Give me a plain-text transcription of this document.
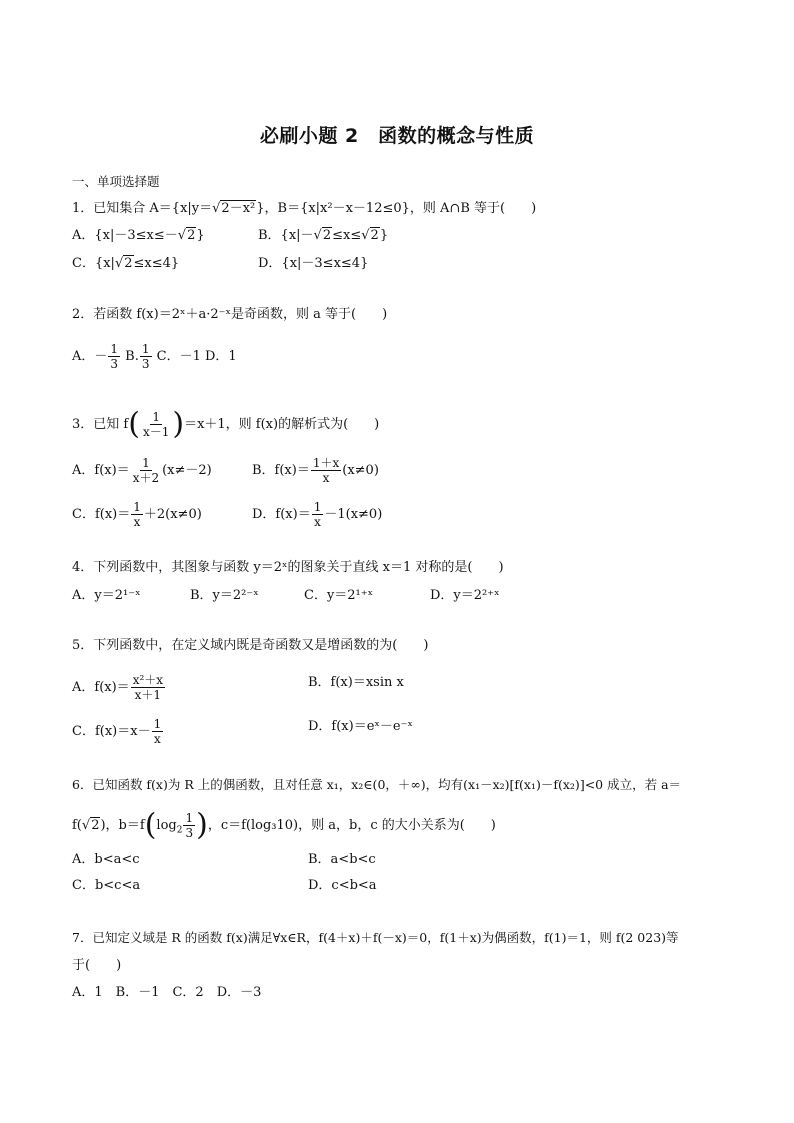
必刷小题 2　函数的概念与性质
一、单项选择题
1．已知集合 A＝{x|y＝√2－x²}，B＝{x|x²－x－12≤0}，则 A∩B 等于(　　)
A．{x|－3≤x≤－√2}	B．{x|－√2≤x≤√2}
C．{x|√2≤x≤4}	D．{x|－3≤x≤4}
2．若函数 f(x)＝2ˣ＋a·2⁻ˣ是奇函数，则 a 等于(　　)
A．－ $\frac{1}{3} B$. $\frac{1}{3}$ C．－1 D．1
3．已知 $f( \frac{1}{x-1} )=x+1$，则 f(x)的解析式为(　　)
A．$f(x)= \frac{1}{x+2} (x\ne-2)$	B．$f(x)= \frac{1+x}{x} (x\ne 0)$
C．$f(x)= \frac{1}{x} +2(x\ne 0)$	D．$f(x)= \frac{1}{x} -1(x\ne 0)$
4．下列函数中，其图象与函数 y＝2ˣ的图象关于直线 x＝1 对称的是(　　)
A．y＝2¹⁻ˣ	B．y＝2²⁻ˣ	C．y＝2¹⁺ˣ	D．y＝2²⁺ˣ
5．下列函数中，在定义域内既是奇函数又是增函数的为(　　)
A．$f(x)= \frac{\text{x²＋x}}{x+1}$	B．f(x)＝xsin x
C．$f(x)=x- \frac{1}{x}$	D．f(x)＝eˣ－e⁻ˣ
6．已知函数 f(x)为 R 上的偶函数，且对任意 x₁，x₂∈(0，＋∞)，均有(x₁－x₂)[f(x₁)－f(x₂)]<0 成立，若 a＝
f(√2)，$b=f(\log_2 \frac{1}{3}$ )，c＝f(log₃10)，则 a，b，c 的大小关系为(　　)
A．b<a<c	B．a<b<c
C．b<c<a	D．c<b<a
7．已知定义域是 R 的函数 f(x)满足∀x∈R，f(4＋x)＋f(－x)＝0，f(1＋x)为偶函数，f(1)＝1，则 f(2 023)等
于(　　)
A．1　B．－1　C．2　D．－3
